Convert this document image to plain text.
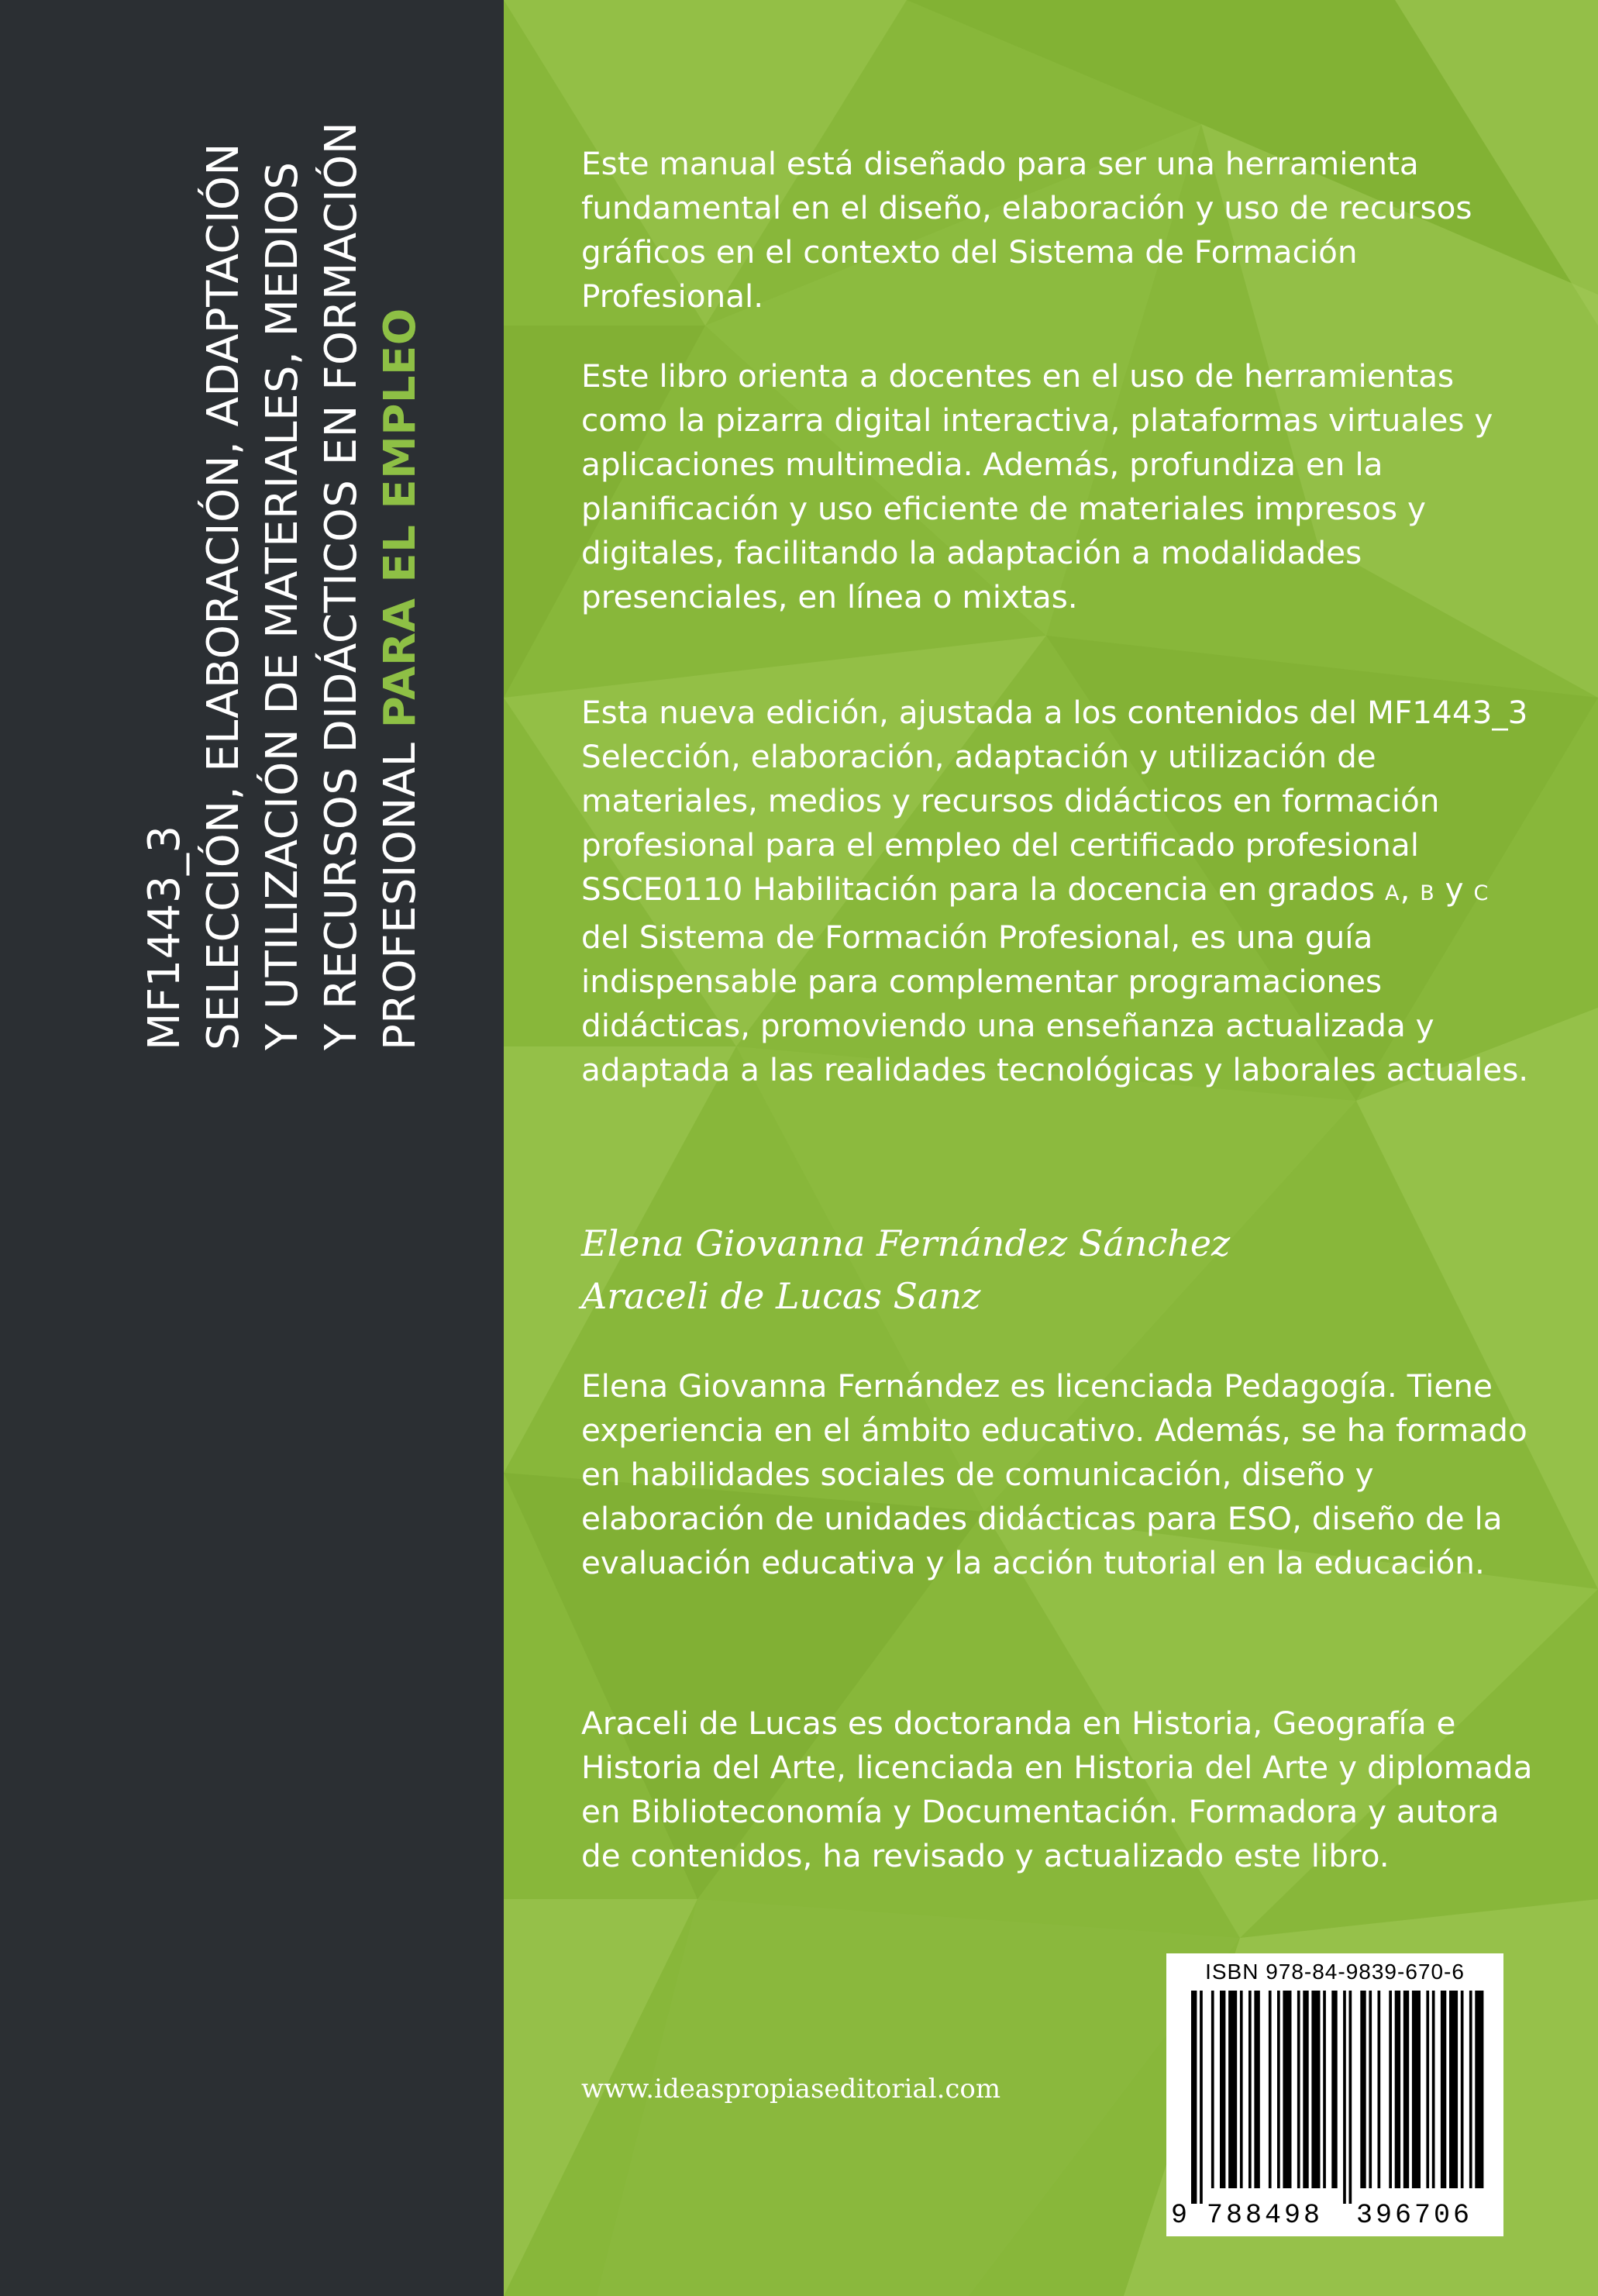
MF1443_3 SELECCIÓN, ELABORACIÓN, ADAPTACIÓN Y UTILIZACIÓN DE MATERIALES, MEDIOS Y RECURSOS DIDÁCTICOS EN FORMACIÓN PROFESIONAL PARA EL EMPLEO

Este manual está diseñado para ser una herramienta fundamental en el diseño, elaboración y uso de recursos gráficos en el contexto del Sistema de Formación Profesional.

Este libro orienta a docentes en el uso de herramientas como la pizarra digital interactiva, plataformas virtuales y aplicaciones multimedia. Además, profundiza en la planificación y uso eficiente de materiales impresos y digitales, facilitando la adaptación a modalidades presenciales, en línea o mixtas.

Esta nueva edición, ajustada a los contenidos del MF1443_3 Selección, elaboración, adaptación y utilización de materiales, medios y recursos didácticos en formación profesional para el empleo del certificado profesional SSCE0110 Habilitación para la docencia en grados A, B y C del Sistema de Formación Profesional, es una guía indispensable para complementar programaciones didácticas, promoviendo una enseñanza actualizada y adaptada a las realidades tecnológicas y laborales actuales.

Elena Giovanna Fernández Sánchez
Araceli de Lucas Sanz

Elena Giovanna Fernández es licenciada Pedagogía. Tiene experiencia en el ámbito educativo. Además, se ha formado en habilidades sociales de comunicación, diseño y elaboración de unidades didácticas para ESO, diseño de la evaluación educativa y la acción tutorial en la educación.

Araceli de Lucas es doctoranda en Historia, Geografía e Historia del Arte, licenciada en Historia del Arte y diplomada en Biblioteconomía y Documentación. Formadora y autora de contenidos, ha revisado y actualizado este libro.

www.ideaspropiaseditorial.com
ISBN 978-84-9839-670-6
9 788498 396706
